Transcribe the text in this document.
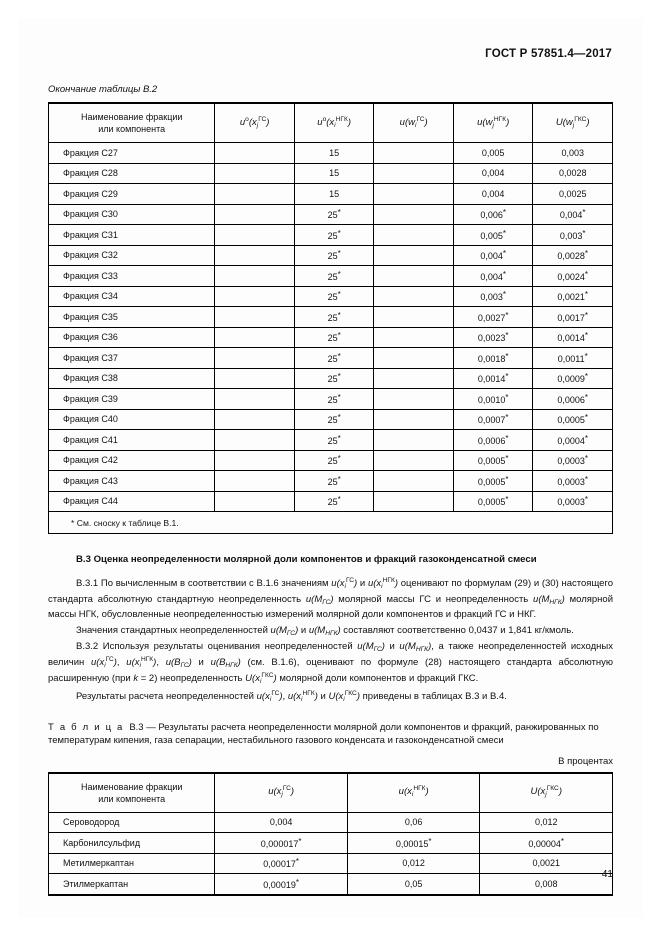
ГОСТ Р 57851.4—2017
Окончание таблицы В.2
Наименование фракции
или компонента	$u^o(x_j^{ГС})$	$u^o(x_i^{НГК})$	$u(w_i^{ГС})$	$u(w_j^{НГК})$	$U(w_j^{ГКС})$
Фракция С27		15		0,005	0,003
Фракция С28		15		0,004	0,0028
Фракция С29		15		0,004	0,0025
Фракция С30		25*		0,006*	0,004*
Фракция С31		25*		0,005*	0,003*
Фракция С32		25*		0,004*	0,0028*
Фракция С33		25*		0,004*	0,0024*
Фракция С34		25*		0,003*	0,0021*
Фракция С35		25*		0,0027*	0,0017*
Фракция С36		25*		0,0023*	0,0014*
Фракция С37		25*		0,0018*	0,0011*
Фракция С38		25*		0,0014*	0,0009*
Фракция С39		25*		0,0010*	0,0006*
Фракция С40		25*		0,0007*	0,0005*
Фракция С41		25*		0,0006*	0,0004*
Фракция С42		25*		0,0005*	0,0003*
Фракция С43		25*		0,0005*	0,0003*
Фракция С44		25*		0,0005*	0,0003*
* См. сноску к таблице В.1.					
В.3 Оценка неопределенности молярной доли компонентов и фракций газоконденсатной смеси

В.3.1 По вычисленным в соответствии с В.1.6 значениям $u(x_i^{ГС})$ и $u(x_i^{НГК})$ оценивают по формулам (29) и (30) настоящего стандарта абсолютную стандартную неопределенность $u(M_{ГС})$ молярной массы ГС и неопределенность $u(M_{НГК})$ молярной массы НГК, обусловленные неопределенностью измерений молярной доли компонентов и фракций ГС и НКГ.

Значения стандартных неопределенностей $u(M_{ГС})$ и $u(M_{НГК})$ составляют соответственно 0,0437 и 1,841 кг/кмоль.

В.3.2 Используя результаты оценивания неопределенностей $u(M_{ГС})$ и $u(M_{НГК})$, а также неопределенностей исходных величин $u(x_i^{ГС})$, $u(x_i^{НГК})$, $u(B_{ГС})$ и $u(B_{НГК})$ (см. В.1.6), оценивают по формуле (28) настоящего стандарта абсолютную расширенную (при k = 2) неопределенность $U(x_i^{ГКС})$ молярной доли компонентов и фракций ГКС.

Результаты расчета неопределенностей $u(x_i^{ГС})$, $u(x_i^{НГК})$ и $U(x_i^{ГКС})$ приведены в таблицах В.3 и В.4.

Т а б л и ц а В.3 — Результаты расчета неопределенности молярной доли компонентов и фракций, ранжированных по температурам кипения, газа сепарации, нестабильного газового конденсата и газоконденсатной смеси
В процентах
Наименование фракции
или компонента	$u(x_j^{ГС})$	$u(x_i^{НГК})$	$U(x_j^{ГКС})$
Сероводород	0,004	0,06	0,012
Карбонилсульфид	0,000017*	0,00015*	0,00004*
Метилмеркаптан	0,00017*	0,012	0,0021
Этилмеркаптан	0,00019*	0,05	0,008
41
